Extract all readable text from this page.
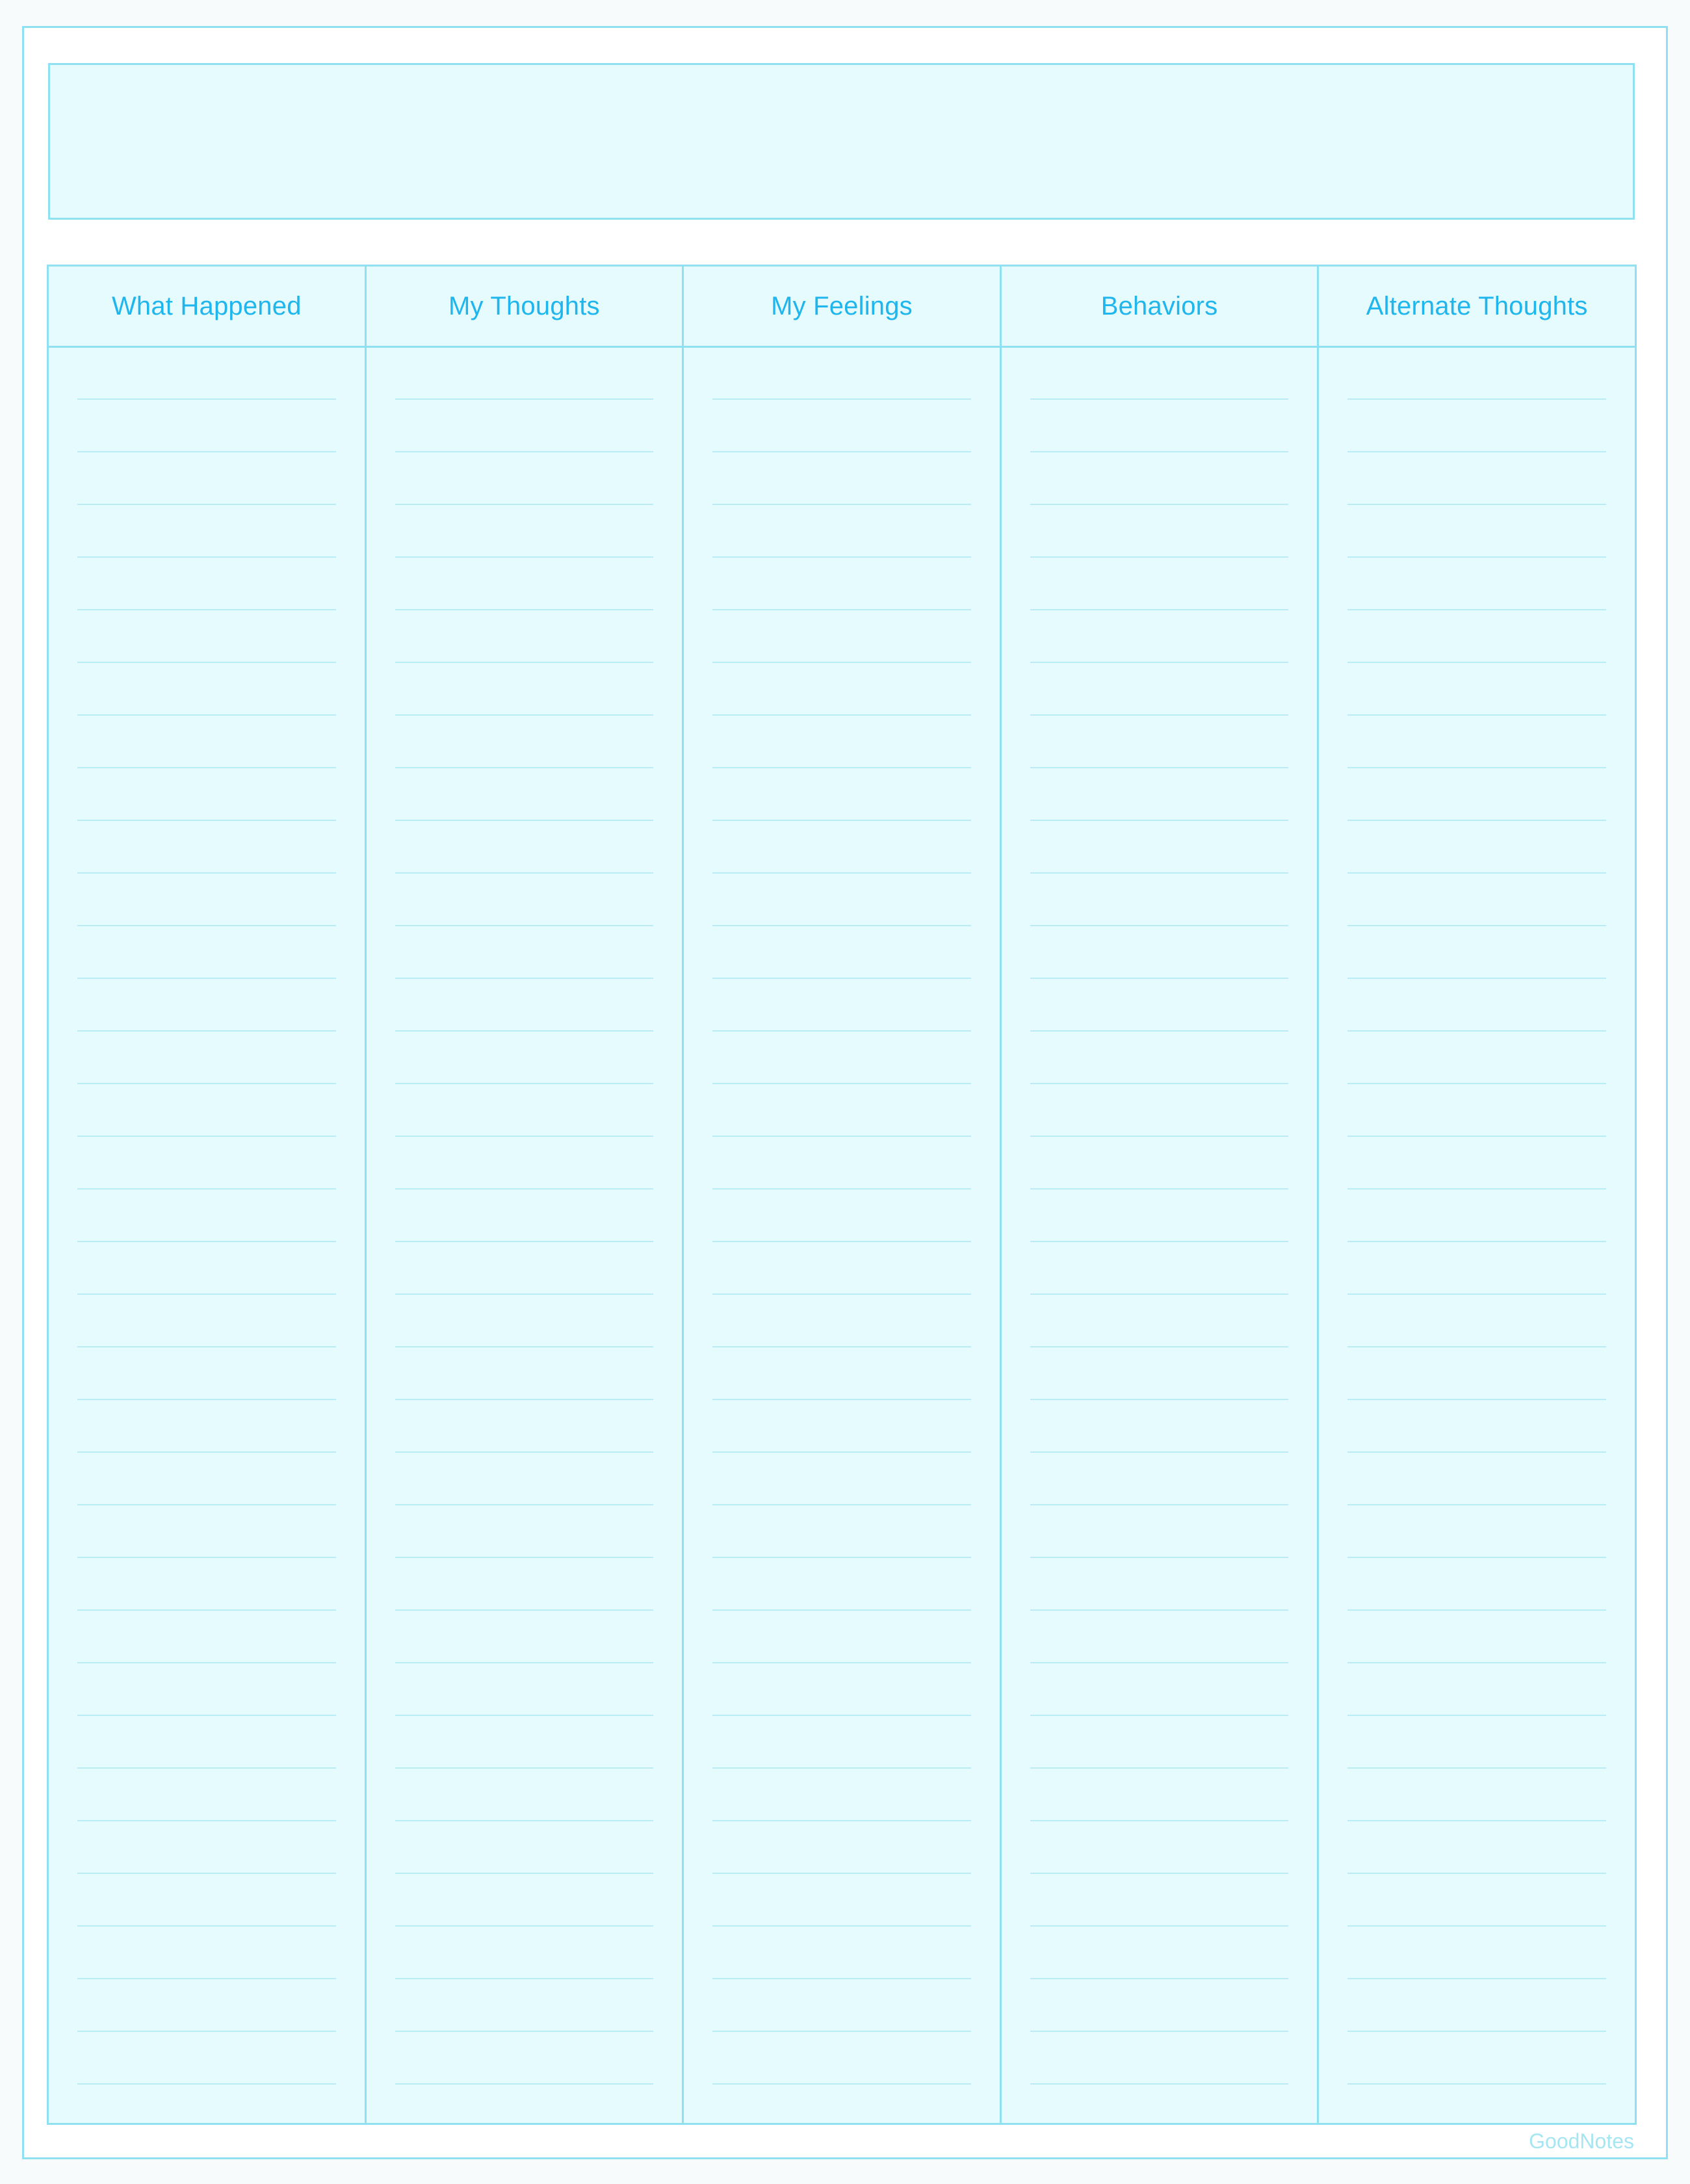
What Happened	My Thoughts	My Feelings	Behaviors	Alternate Thoughts
GoodNotes
